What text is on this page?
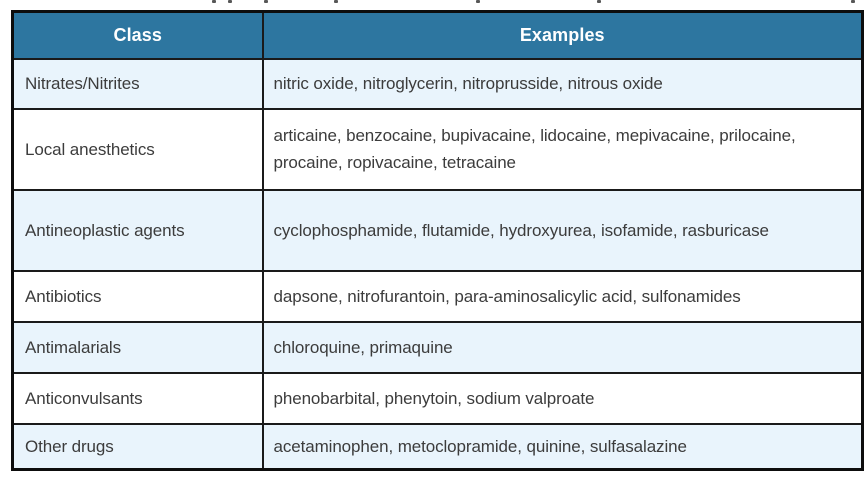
Class	Examples
Nitrates/Nitrites	nitric oxide, nitroglycerin, nitroprusside, nitrous oxide
Local anesthetics	articaine, benzocaine, bupivacaine, lidocaine, mepivacaine, prilocaine, procaine, ropivacaine, tetracaine
Antineoplastic agents	cyclophosphamide, flutamide, hydroxyurea, isofamide, rasburicase
Antibiotics	dapsone, nitrofurantoin, para-aminosalicylic acid, sulfonamides
Antimalarials	chloroquine, primaquine
Anticonvulsants	phenobarbital, phenytoin, sodium valproate
Other drugs	acetaminophen, metoclopramide, quinine, sulfasalazine
